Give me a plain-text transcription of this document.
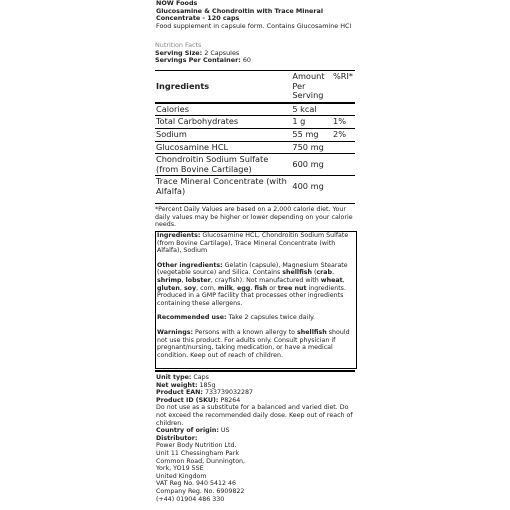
NOW Foods
Glucosamine & Chondroitin with Trace Mineral Concentrate - 120 caps
Food supplement in capsule form. Contains Glucosamine HCl
Nutrition Facts
Serving Size: 2 Capsules
Servings Per Container: 60
Ingredients	Amount Per Serving	%RI*
Calories	5 kcal	
Total Carbohydrates	1 g	1%
Sodium	55 mg	2%
Glucosamine HCL	750 mg	
Chondroitin Sodium Sulfate (from Bovine Cartilage)	600 mg	
Trace Mineral Concentrate (with Alfalfa)	400 mg	
*Percent Daily Values are based on a 2,000 calorie diet. Your daily values may be higher or lower depending on your calorie needs.

Ingredients: Glucosamine HCL, Chondroitin Sodium Sulfate (from Bovine Cartilage), Trace Mineral Concentrate (with Alfalfa), Sodium

Other ingredients: Gelatin (capsule), Magnesium Stearate (vegetable source) and Silica. Contains shellfish (crab, shrimp, lobster, crayfish). Not manufactured with wheat, gluten, soy, corn, milk, egg, fish or tree nut ingredients. Produced in a GMP facility that processes other ingredients containing these allergens.

Recommended use: Take 2 capsules twice daily.

Warnings: Persons with a known allergy to shellfish should not use this product. For adults only. Consult physician if pregnant/nursing, taking medication, or have a medical condition. Keep out of reach of children.

Unit type: Caps
Net weight: 185g
Product EAN: 733739032287
Product ID (SKU): P8264
Do not use as a substitute for a balanced and varied diet. Do not exceed the recommended daily dose. Keep out of reach of children.
Country of origin: US
Distributor:
Power Body Nutrition Ltd.
Unit 11 Chessingham Park
Common Road, Dunnington,
York, YO19 5SE
United Kingdom
VAT Reg No. 940 5412 46
Company Reg. No. 6909822
(+44) 01904 486 330
